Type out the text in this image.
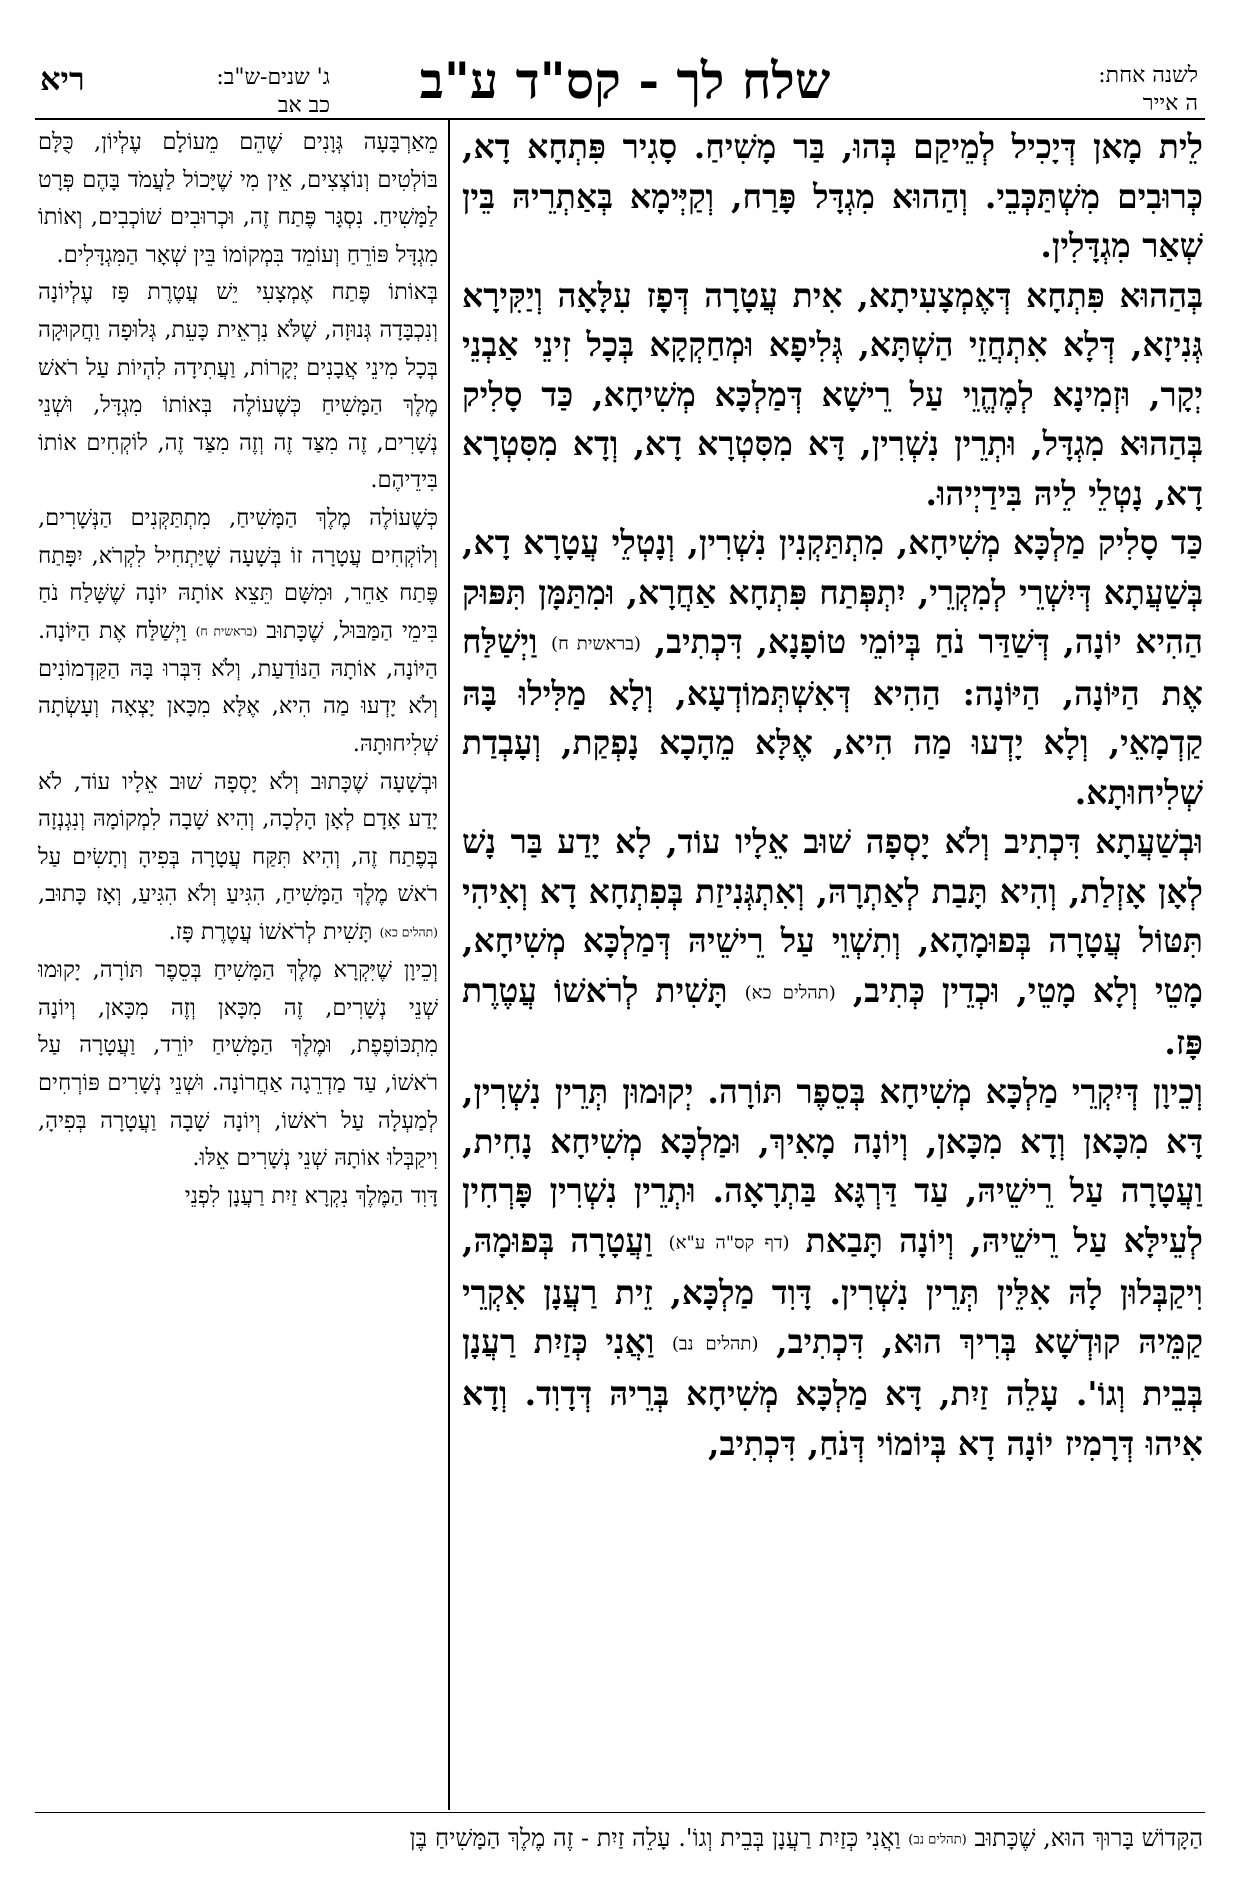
לשנה אחת:
ה אייר
שלח לך - קס"ד ע"ב
ג' שנים-ש"ב:
כב אב
ריא

לֵית מָאן דְּיָכִיל לְמֵיקַם בְּהוּ, בַּר מָשִׁיחַ. סָגִיר פִּתְחָא דָא, כְּרוּבִים מִשְׁתַּכְּבֵי. וְהַהוּא מִגְדָּל פָּרַח, וְקַיְּימָא בְּאַתְרֵיהּ בֵּין שְׁאַר מִגְדָּלִין.

בְּהַהוּא פִּתְחָא דְּאֶמְצָעִיתָא, אִית עֲטָרָה דְּפָז עִלָּאָה וְיַקִּירָא גְּנִיזָא, דְּלָא אִתְחֲזֵי הַשְׁתָּא, גְּלִיפָא וּמְחַקְקָא בְּכָל זִינֵי אַבְנֵי יְקָר, וּזְמִינָא לְמֶהֱוֵי עַל רֵישָׁא דְּמַלְכָּא מְשִׁיחָא, כַּד סָלִיק בְּהַהוּא מִגְדָּל, וּתְרֵין נִשְׁרִין, דָּא מִסִּטְרָא דָא, וְדָא מִסִּטְרָא דָא, נָטְלֵי לֵיהּ בִּידַיְיהוּ.

כַּד סָלִיק מַלְכָּא מְשִׁיחָא, מִתְתַּקְנִין נִשְׁרִין, וְנָטְלֵי עֲטָרָא דָא, בְּשַׁעֲתָא דְּיִשְׁרֵי לְמִקְרֵי, יִתְפְּתַח פִּתְחָא אַחֲרָא, וּמִתַּמָּן תִּפּוּק הַהִיא יוֹנָה, דְּשַׁדַּר נֹחַ בְּיוֹמֵי טוֹפָנָא, דִּכְתִיב, (בראשית ח) וַיְשַׁלַּח אֶת הַיּוֹנָה, הַיּוֹנָה: הַהִיא דְּאִשְׁתְּמוֹדְעָא, וְלָא מַלִּילוּ בָּהּ קַדְמָאֵי, וְלָא יָדְעוּ מַה הִיא, אֶלָּא מֵהָכָא נָפְקַת, וְעָבְדַת שְׁלִיחוּתָא.

וּבְשַׁעֲתָא דִּכְתִיב וְלֹא יָסְפָה שׁוּב אֵלָיו עוֹד, לָא יָדַע בַּר נָשׁ לְאָן אָזְלַת, וְהִיא תָּבַת לְאַתְרָהּ, וְאִתְגְּנִיזַת בְּפִתְחָא דָא וְאִיהִי תִּטּוֹל עֲטָרָה בְּפוּמָהָא, וְתִשְׁוֵי עַל רֵישֵׁיהּ דְּמַלְכָּא מְשִׁיחָא, מָטֵי וְלָא מָטֵי, וּכְדֵין כְּתִיב, (תהלים כא) תָּשִׁית לְרֹאשׁוֹ עֲטֶרֶת פָּז.

וְכֵיוָן דְּיִקְרֵי מַלְכָּא מְשִׁיחָא בְּסֵפֶר תּוֹרָה. יְקוּמוּן תְּרֵין נִשְׁרִין, דָּא מִכָּאן וְדָא מִכָּאן, וְיוֹנָה מָאִיךְ, וּמַלְכָּא מְשִׁיחָא נָחִית, וַעֲטָרָה עַל רֵישֵׁיהּ, עַד דַּרְגָּא בַּתְרָאָה. וּתְרֵין נִשְׁרִין פָּרְחִין לְעֵילָּא עַל רֵישֵׁיהּ, וְיוֹנָה תָּבַאת (דף קס"ה ע"א) וַעֲטָרָה בְּפוּמָהּ, וִיקַבְּלוּן לָהּ אִלֵּין תְּרֵין נִשְׁרִין. דָּוִד מַלְכָּא, זֵית רַעֲנָן אִקְרֵי קַמֵּיהּ קוּדְשָׁא בְּרִיךְ הוּא, דִּכְתִיב, (תהלים נב) וַאֲנִי כְּזַיִת רַעֲנָן בְּבֵית וְגוֹ'. עָלֵה זַיִת, דָּא מַלְכָּא מְשִׁיחָא בְּרֵיהּ דְּדָוִד. וְדָא אִיהוּ דְּרָמִיז יוֹנָה דָא בְּיוֹמוֹי דְּנֹחַ, דִּכְתִיב,

מֵאַרְבָּעָה גְּוָנִים שֶׁהֵם מֵעוֹלָם עֶלְיוֹן, כֻּלָּם בּוֹלְטִים וְנוֹצְצִים, אֵין מִי שֶׁיָּכוֹל לַעֲמֹד בָּהֶם פְּרָט לַמָּשִׁיחַ. נִסְגָּר פֶּתַח זֶה, וּכְרוּבִים שׁוֹכְבִים, וְאוֹתוֹ מִגְדָּל פּוֹרֵחַ וְעוֹמֵד בִּמְקוֹמוֹ בֵּין שְׁאָר הַמִּגְדָּלִים.

בְּאוֹתוֹ פֶּתַח אֶמְצָעִי יֵשׁ עֲטֶרֶת פָּז עֶלְיוֹנָה וְנִכְבָּדָה גְּנוּזָה, שֶׁלֹּא נִרְאֵית כָּעֵת, גְּלוּפָה וַחֲקוּקָה בְּכָל מִינֵי אֲבָנִים יְקָרוֹת, וַעֲתִידָה לִהְיוֹת עַל רֹאשׁ מֶלֶךְ הַמָּשִׁיחַ כְּשֶׁעוֹלֶה בְּאוֹתוֹ מִגְדָּל, וּשְׁנֵי נְשָׁרִים, זֶה מִצַּד זֶה וְזֶה מִצַּד זֶה, לוֹקְחִים אוֹתוֹ בִּידֵיהֶם.

כְּשֶׁעוֹלֶה מֶלֶךְ הַמָּשִׁיחַ, מִתְתַּקְּנִים הַנְּשָׁרִים, וְלוֹקְחִים עֲטָרָה זוֹ בְּשָׁעָה שֶׁיַּתְחִיל לִקְרֹא, יִפָּתַח פֶּתַח אַחֵר, וּמִשָּׁם תֵּצֵא אוֹתָהּ יוֹנָה שֶׁשָּׁלַח נֹחַ בִּימֵי הַמַּבּוּל, שֶׁכָּתוּב (בראשית ח) וַיְשַׁלַּח אֶת הַיּוֹנָה. הַיּוֹנָה, אוֹתָהּ הַנּוֹדַעַת, וְלֹא דִּבְּרוּ בָּהּ הַקַּדְמוֹנִים וְלֹא יָדְעוּ מַה הִיא, אֶלָּא מִכָּאן יָצְאָה וְעָשְׂתָה שְׁלִיחוּתָהּ.

וּבְשָׁעָה שֶׁכָּתוּב וְלֹא יָסְפָה שׁוּב אֵלָיו עוֹד, לֹא יָדַע אָדָם לְאָן הָלְכָה, וְהִיא שָׁבָה לִמְקוֹמָהּ וְנִגְנְזָה בְּפֶתַח זֶה, וְהִיא תִּקַּח עֲטָרָה בְּפִיהָ וְתָשִׂים עַל רֹאשׁ מֶלֶךְ הַמָּשִׁיחַ, הִגִּיעַ וְלֹא הִגִּיעַ, וְאָז כָּתוּב, (תהלים כא) תָּשִׁית לְרֹאשׁוֹ עֲטֶרֶת פָּז.

וְכֵיוָן שֶׁיִּקְרָא מֶלֶךְ הַמָּשִׁיחַ בְּסֵפֶר תּוֹרָה, יָקוּמוּ שְׁנֵי נְשָׁרִים, זֶה מִכָּאן וְזֶה מִכָּאן, וְיוֹנָה מִתְכּוֹפֶפֶת, וּמֶלֶךְ הַמָּשִׁיחַ יוֹרֵד, וַעֲטָרָה עַל רֹאשׁוֹ, עַד מַדְרֵגָה אַחֲרוֹנָה. וּשְׁנֵי נְשָׁרִים פּוֹרְחִים לְמַעְלָה עַל רֹאשׁוֹ, וְיוֹנָה שָׁבָה וַעֲטָרָה בְּפִיהָ, וִיקַבְּלוּ אוֹתָהּ שְׁנֵי נְשָׁרִים אֵלּוּ.

דָּוִד הַמֶּלֶךְ נִקְרָא זַיִת רַעֲנָן לִפְנֵי

הַקָּדוֹשׁ בָּרוּךְ הוּא, שֶׁכָּתוּב (תהלים נב) וַאֲנִי כְּזַיִת רַעֲנָן בְּבֵית וְגוֹ'. עָלֵה זַיִת - זֶה מֶלֶךְ הַמָּשִׁיחַ בֶּן
